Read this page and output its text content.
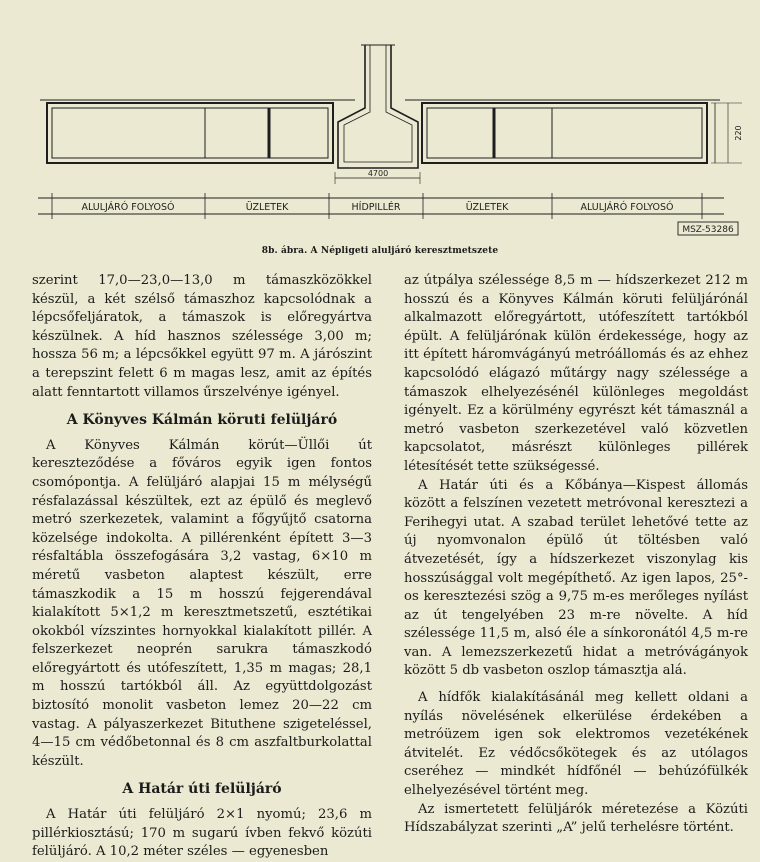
4700
220
ALULJÁRÓ FOLYOSÓ	ÜZLETEK	HÍDPILLÉR	ÜZLETEK	ALULJÁRÓ FOLYOSÓ
MSZ-53286
8b. ábra. A Népligeti aluljáró keresztmetszete

szerint 17,0—23,0—13,0 m támaszközökkel készül, a két szélső támaszhoz kapcsolódnak a lépcsőfeljáratok, a támaszok is előregyártva készülnek. A híd hasznos szélessége 3,00 m; hossza 56 m; a lépcsőkkel együtt 97 m. A járószint a terepszint felett 6 m magas lesz, amit az építés alatt fenntartott villamos űrszelvénye igényel.

A Könyves Kálmán köruti felüljáró

A Könyves Kálmán körút—Üllői út kereszteződése a főváros egyik igen fontos csomópontja. A felüljáró alapjai 15 m mélységű résfalazással készültek, ezt az épülő és meglevő metró szerkezetek, valamint a főgyűjtő csatorna közelsége indokolta. A pillérenként épített 3—3 résfaltábla összefogására 3,2 vastag, 6×10 m méretű vasbeton alaptest készült, erre támaszkodik a 15 m hosszú fejgerendával kialakított 5×1,2 m keresztmetszetű, esztétikai okokból vízszintes hornyokkal kialakított pillér. A felszerkezet neoprén sarukra támaszkodó előregyártott és utófeszített, 1,35 m magas; 28,1 m hosszú tartókból áll. Az együttdolgozást biztosító monolit vasbeton lemez 20—22 cm vastag. A pályaszerkezet Bituthene szigeteléssel, 4—15 cm védőbetonnal és 8 cm aszfaltburkolattal készült.

A Határ úti felüljáró

A Határ úti felüljáró 2×1 nyomú; 23,6 m pillérkiosztású; 170 m sugarú ívben fekvő közúti felüljáró. A 10,2 méter széles — egyenesben

az útpálya szélessége 8,5 m — hídszerkezet 212 m hosszú és a Könyves Kálmán köruti felüljárónál alkalmazott előregyártott, utófeszített tartókból épült. A felüljárónak külön érdekessége, hogy az itt épített háromvágányú metróállomás és az ehhez kapcsolódó elágazó műtárgy nagy szélessége a támaszok elhelyezésénél különleges megoldást igényelt. Ez a körülmény egyrészt két támasznál a metró vasbeton szerkezetével való közvetlen kapcsolatot, másrészt különleges pillérek létesítését tette szükségessé.

A Határ úti és a Kőbánya—Kispest állomás között a felszínen vezetett metróvonal keresztezi a Ferihegyi utat. A szabad terület lehetővé tette az új nyomvonalon épülő út töltésben való átvezetését, így a hídszerkezet viszonylag kis hosszúsággal volt megépíthető. Az igen lapos, 25°-os keresztezési szög a 9,75 m-es merőleges nyílást az út tengelyében 23 m-re növelte. A híd szélessége 11,5 m, alsó éle a sínkoronától 4,5 m-re van. A lemezszerkezetű hidat a metróvágányok között 5 db vasbeton oszlop támasztja alá.

A hídfők kialakításánál meg kellett oldani a nyílás növelésének elkerülése érdekében a metróüzem igen sok elektromos vezetékének átvitelét. Ez védőcsőkötegek és az utólagos cseréhez — mindkét hídfőnél — behúzófülkék elhelyezésével történt meg.

Az ismertetett felüljárók méretezése a Közúti Hídszabályzat szerinti „A” jelű terhelésre történt.
